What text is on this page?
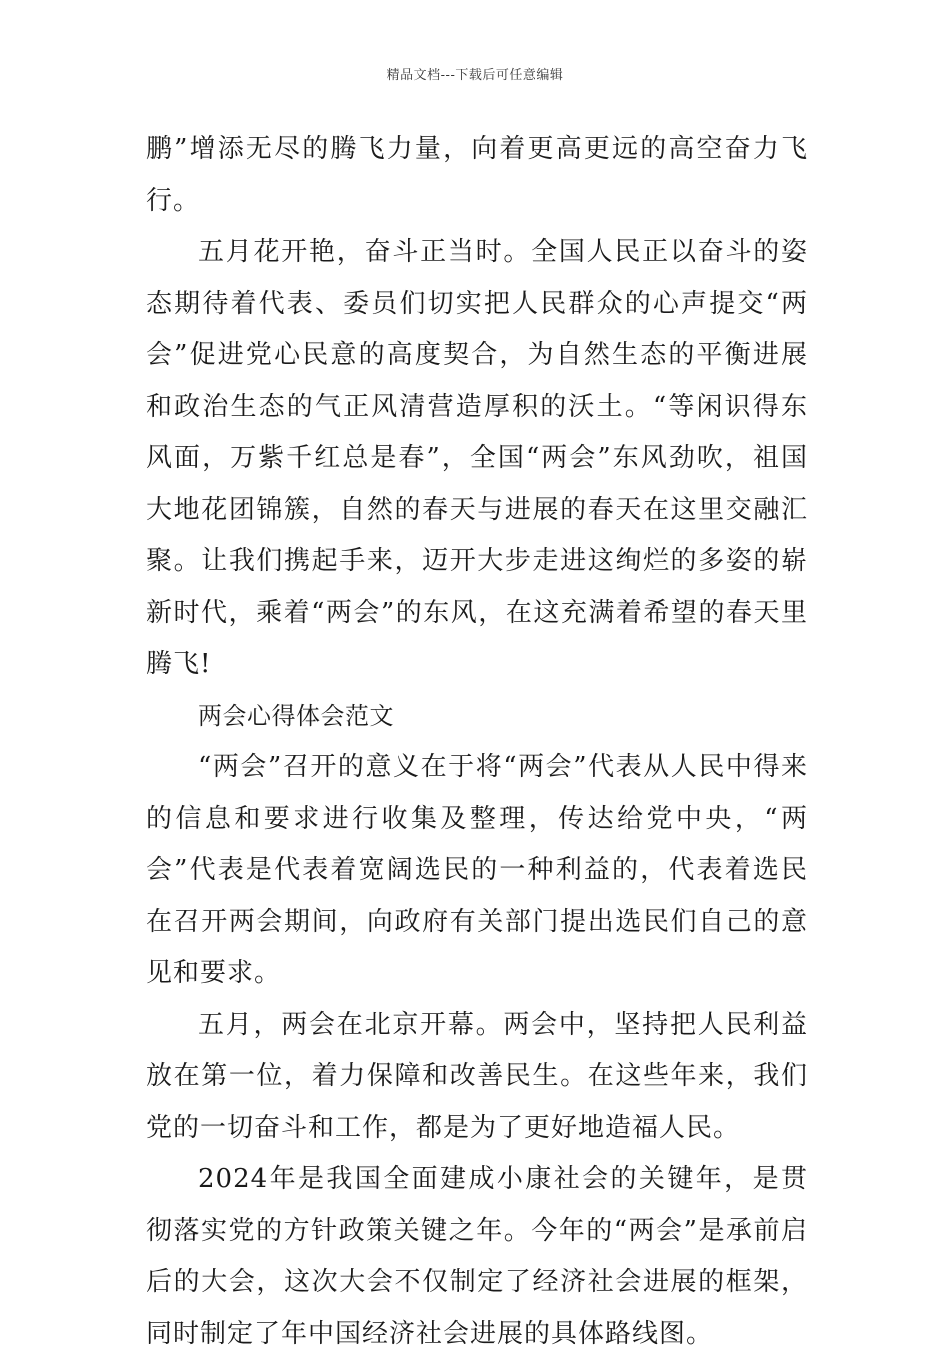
精品文档---下载后可任意编辑

鹏”增添无尽的腾飞力量，向着更高更远的高空奋力飞行。

五月花开艳，奋斗正当时。全国人民正以奋斗的姿态期待着代表、委员们切实把人民群众的心声提交“两会”促进党心民意的高度契合，为自然生态的平衡进展和政治生态的气正风清营造厚积的沃土。“等闲识得东风面，万紫千红总是春”，全国“两会”东风劲吹，祖国大地花团锦簇，自然的春天与进展的春天在这里交融汇聚。让我们携起手来，迈开大步走进这绚烂的多姿的崭新时代，乘着“两会”的东风，在这充满着希望的春天里腾飞!

两会心得体会范文

“两会”召开的意义在于将“两会”代表从人民中得来的信息和要求进行收集及整理，传达给党中央，“两会”代表是代表着宽阔选民的一种利益的，代表着选民在召开两会期间，向政府有关部门提出选民们自己的意见和要求。

五月，两会在北京开幕。两会中，坚持把人民利益放在第一位，着力保障和改善民生。在这些年来，我们党的一切奋斗和工作，都是为了更好地造福人民。

2024年是我国全面建成小康社会的关键年，是贯彻落实党的方针政策关键之年。今年的“两会”是承前启后的大会，这次大会不仅制定了经济社会进展的框架，同时制定了年中国经济社会进展的具体路线图。
